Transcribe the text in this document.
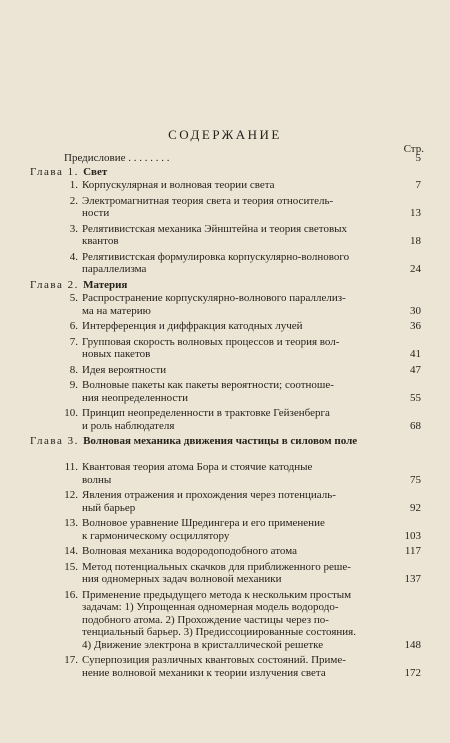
СОДЕРЖАНИЕ
Стр.
Предисловие . . . . . . . .	5
Глава 1. Свет
1. Корпускулярная и волновая теории света	7
2. Электромагнитная теория света и теория относитель-
ности	13
3. Релятивистская механика Эйнштейна и теория световых
квантов	18
4. Релятивистская формулировка корпускулярно-волнового
параллелизма	24
Глава 2. Материя
5. Распространение корпускулярно-волнового параллелиз-
ма на материю	30
6. Интерференция и диффракция катодных лучей	36
7. Групповая скорость волновых процессов и теория вол-
новых пакетов	41
8. Идея вероятности	47
9. Волновые пакеты как пакеты вероятности; соотноше-
ния неопределенности	55
10. Принцип неопределенности в трактовке Гейзенберга
и роль наблюдателя	68
Глава 3. Волновая механика движения частицы в силовом поле
11. Квантовая теория атома Бора и стоячие катодные
волны	75
12. Явления отражения и прохождения через потенциаль-
ный барьер	92
13. Волновое уравнение Шредингера и его применение
к гармоническому осциллятору	103
14. Волновая механика водородоподобного атома	117
15. Метод потенциальных скачков для приближенного реше-
ния одномерных задач волновой механики	137
16. Применение предыдущего метода к нескольким простым
задачам: 1) Упрощенная одномерная модель водородо-
подобного атома. 2) Прохождение частицы через по-
тенциальный барьер. 3) Предиссоциированные состояния.
4) Движение электрона в кристаллической решетке	148
17. Суперпозиция различных квантовых состояний. Приме-
нение волновой механики к теории излучения света	172
